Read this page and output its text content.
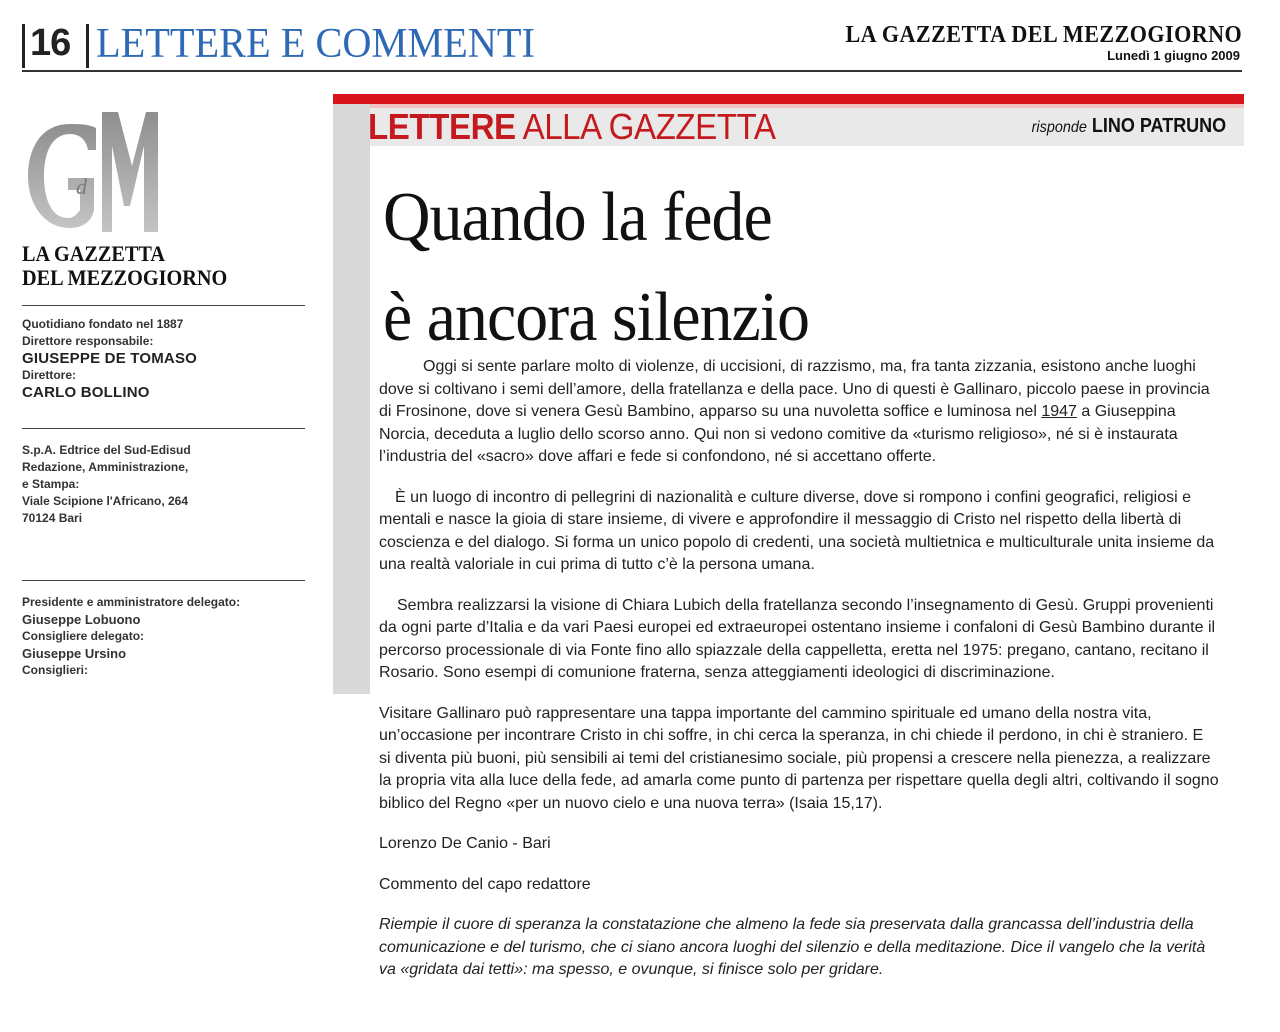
16 LETTERE E COMMENTI	LA GAZZETTA DEL MEZZOGIORNO
Lunedì 1 giugno 2009
d
LA GAZZETTA
DEL MEZZOGIORNO
Quotidiano fondato nel 1887
Direttore responsabile:
GIUSEPPE DE TOMASO
Direttore:
CARLO BOLLINO
S.p.A. Edtrice del Sud-Edisud
Redazione, Amministrazione,
e Stampa:
Viale Scipione l'Africano, 264
70124 Bari
Presidente e amministratore delegato:
Giuseppe Lobuono
Consigliere delegato:
Giuseppe Ursino
Consiglieri:
LETTERE ALLA GAZZETTA	risponde LINO PATRUNO
Quando la fede
è ancora silenzio

Oggi si sente parlare molto di violenze, di uccisioni, di razzismo, ma, fra tanta zizzania, esistono anche luoghi dove si coltivano i semi dell’amore, della fratellanza e della pace. Uno di questi è Gallinaro, piccolo paese in provincia di Frosinone, dove si venera Gesù Bambino, apparso su una nuvoletta soffice e luminosa nel 1947 a Giuseppina Norcia, deceduta a luglio dello scorso anno. Qui non si vedono comitive da «turismo religioso», né si è instaurata l’industria del «sacro» dove affari e fede si confondono, né si accettano offerte.

È un luogo di incontro di pellegrini di nazionalità e culture diverse, dove si rompono i confini geografici, religiosi e mentali e nasce la gioia di stare insieme, di vivere e approfondire il messaggio di Cristo nel rispetto della libertà di coscienza e del dialogo. Si forma un unico popolo di credenti, una società multietnica e multiculturale unita insieme da una realtà valoriale in cui prima di tutto c’è la persona umana.

Sembra realizzarsi la visione di Chiara Lubich della fratellanza secondo l’insegnamento di Gesù. Gruppi provenienti da ogni parte d’Italia e da vari Paesi europei ed extraeuropei ostentano insieme i confaloni di Gesù Bambino durante il percorso processionale di via Fonte fino allo spiazzale della cappelletta, eretta nel 1975: pregano, cantano, recitano il Rosario. Sono esempi di comunione fraterna, senza atteggiamenti ideologici di discriminazione.

Visitare Gallinaro può rappresentare una tappa importante del cammino spirituale ed umano della nostra vita, un’occasione per incontrare Cristo in chi soffre, in chi cerca la speranza, in chi chiede il perdono, in chi è straniero. E si diventa più buoni, più sensibili ai temi del cristianesimo sociale, più propensi a crescere nella pienezza, a realizzare la propria vita alla luce della fede, ad amarla come punto di partenza per rispettare quella degli altri, coltivando il sogno biblico del Regno «per un nuovo cielo e una nuova terra» (Isaia 15,17).

Lorenzo De Canio - Bari

Commento del capo redattore

Riempie il cuore di speranza la constatazione che almeno la fede sia preservata dalla grancassa dell’industria della comunicazione e del turismo, che ci siano ancora luoghi del silenzio e della meditazione. Dice il vangelo che la verità va «gridata dai tetti»: ma spesso, e ovunque, si finisce solo per gridare.
